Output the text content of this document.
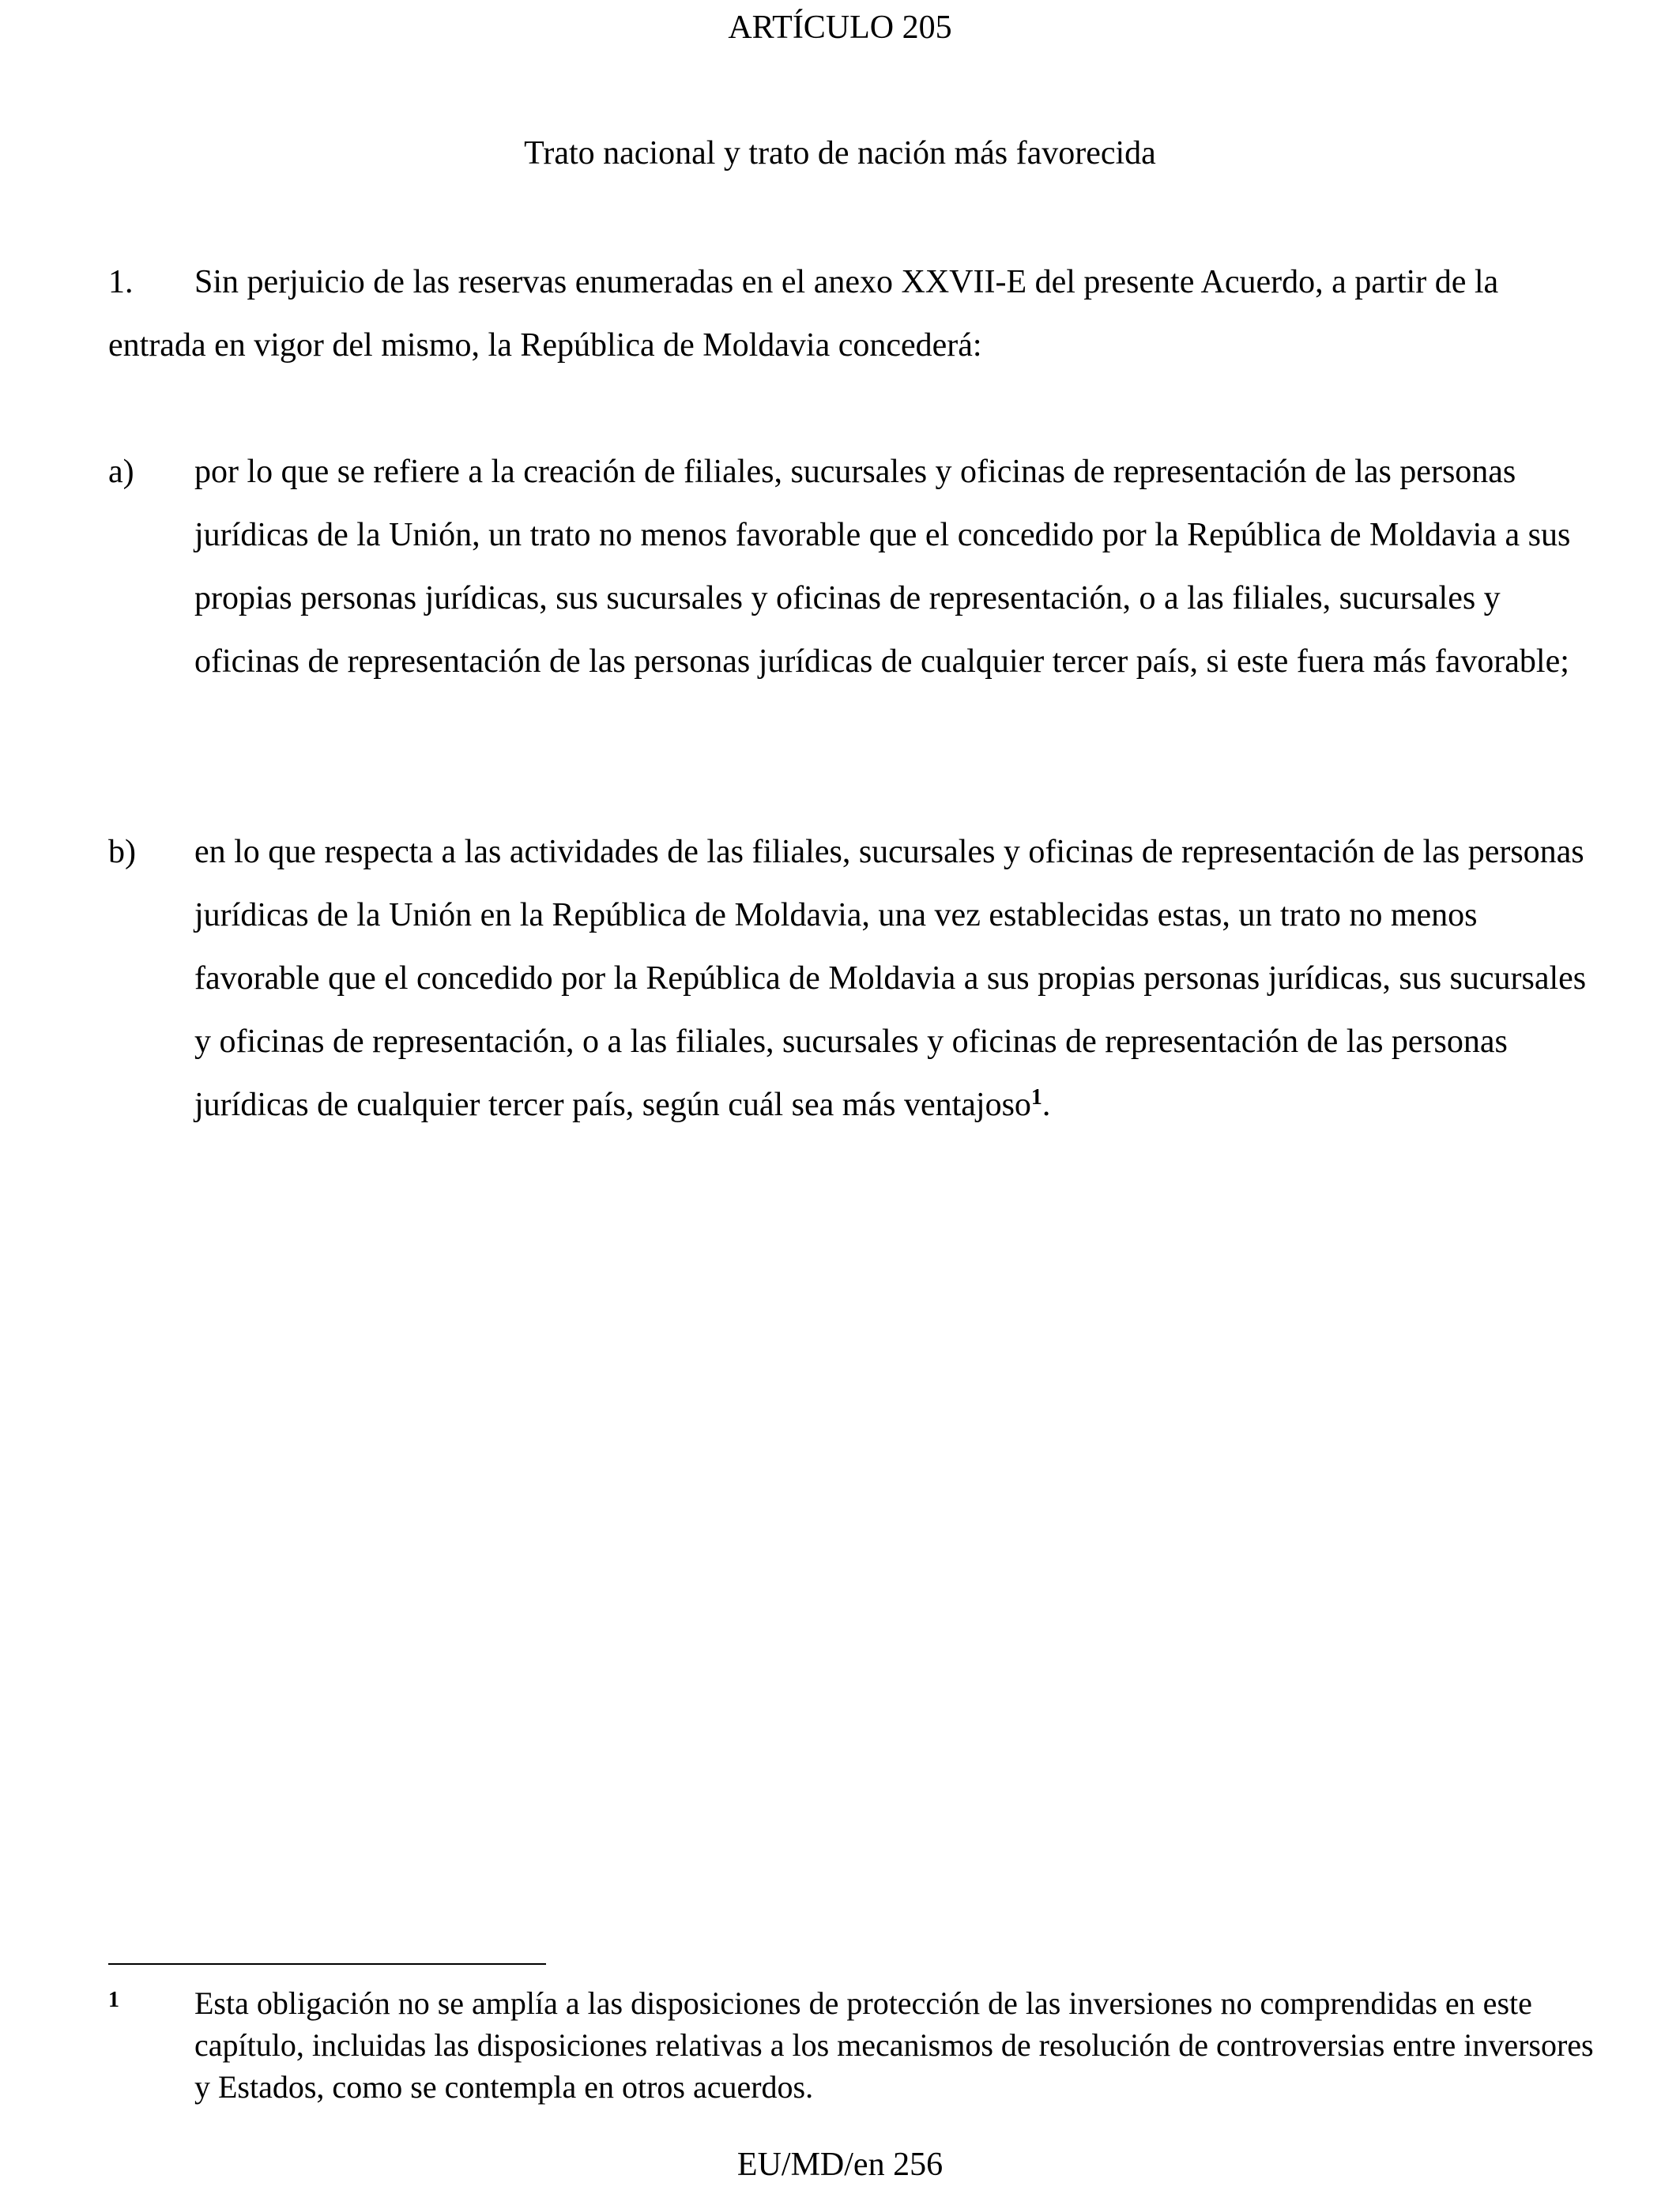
ARTÍCULO 205
Trato nacional y trato de nación más favorecida
1. Sin perjuicio de las reservas enumeradas en el anexo XXVII-E del presente Acuerdo, a partir de la entrada en vigor del mismo, la República de Moldavia concederá:
a) por lo que se refiere a la creación de filiales, sucursales y oficinas de representación de las personas jurídicas de la Unión, un trato no menos favorable que el concedido por la República de Moldavia a sus propias personas jurídicas, sus sucursales y oficinas de representación, o a las filiales, sucursales y oficinas de representación de las personas jurídicas de cualquier tercer país, si este fuera más favorable;
b) en lo que respecta a las actividades de las filiales, sucursales y oficinas de representación de las personas jurídicas de la Unión en la República de Moldavia, una vez establecidas estas, un trato no menos favorable que el concedido por la República de Moldavia a sus propias personas jurídicas, sus sucursales y oficinas de representación, o a las filiales, sucursales y oficinas de representación de las personas jurídicas de cualquier tercer país, según cuál sea más ventajoso$^1$.
1 Esta obligación no se amplía a las disposiciones de protección de las inversiones no comprendidas en este capítulo, incluidas las disposiciones relativas a los mecanismos de resolución de controversias entre inversores y Estados, como se contempla en otros acuerdos.
EU/MD/en 256
